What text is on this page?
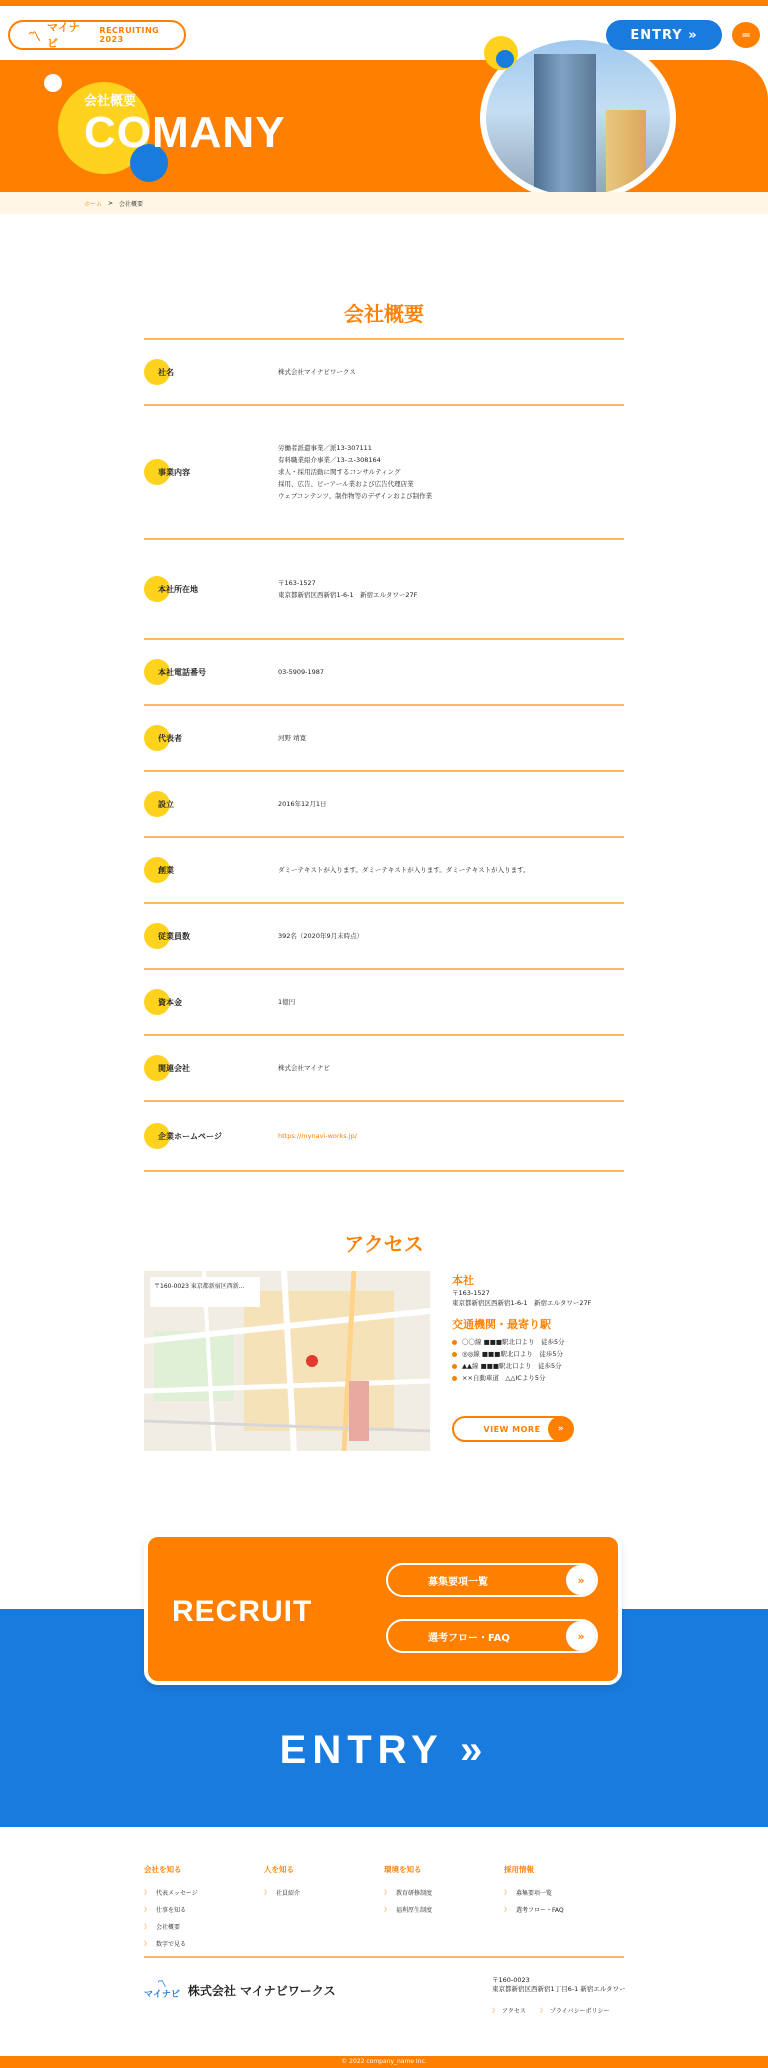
〽
マイナビ
RECRUITING 2023
会社概要
COMANY
ENTRY »	═
ホーム > 会社概要
会社概要
社名	株式会社マイナビワークス
事業内容
労働者派遣事業／派13-307111
有料職業紹介事業／13-ユ-308164
求人・採用活動に関するコンサルティング
採用、広告、ピーアール業および広告代理店業
ウェブコンテンツ、制作物等のデザインおよび制作業
本社所在地
〒163-1527
東京都新宿区西新宿1-6-1　新宿エルタワー27F
本社電話番号	03-5909-1987
代表者	河野 靖寛
設立	2016年12月1日
創業	ダミーテキストが入ります。ダミーテキストが入ります。ダミーテキストが入ります。
従業員数	392名（2020年9月末時点）
資本金	1億円
関連会社	株式会社マイナビ
企業ホームページ	https://mynavi-works.jp/
アクセス
〒160-0023 東京都新宿区西新...	本社
〒163-1527
東京都新宿区西新宿1-6-1　新宿エルタワー27F
交通機関・最寄り駅
〇〇線 ■■■駅北口より　徒歩5分
◎◎線 ■■■駅北口より　徒歩5分
▲▲線 ■■■駅北口より　徒歩5分
××自動車道　△△ICより5分
VIEW MORE	»
RECRUIT
募集要項一覧	»
選考フロー・FAQ	»
ENTRY »
会社を知る
》 代表メッセージ
》 仕事を知る
》 会社概要
》 数字で見る
人を知る
》 社員紹介
環境を知る
》 教育研修制度
》 福利厚生制度
採用情報
》 募集要項一覧
》 選考フロー・FAQ
〽
マイナビ 株式会社 マイナビワークス
〒160-0023
東京都新宿区西新宿1丁目6-1 新宿エルタワー
》 アクセス
》	プライバシーポリシー
© 2022 company_name Inc.
